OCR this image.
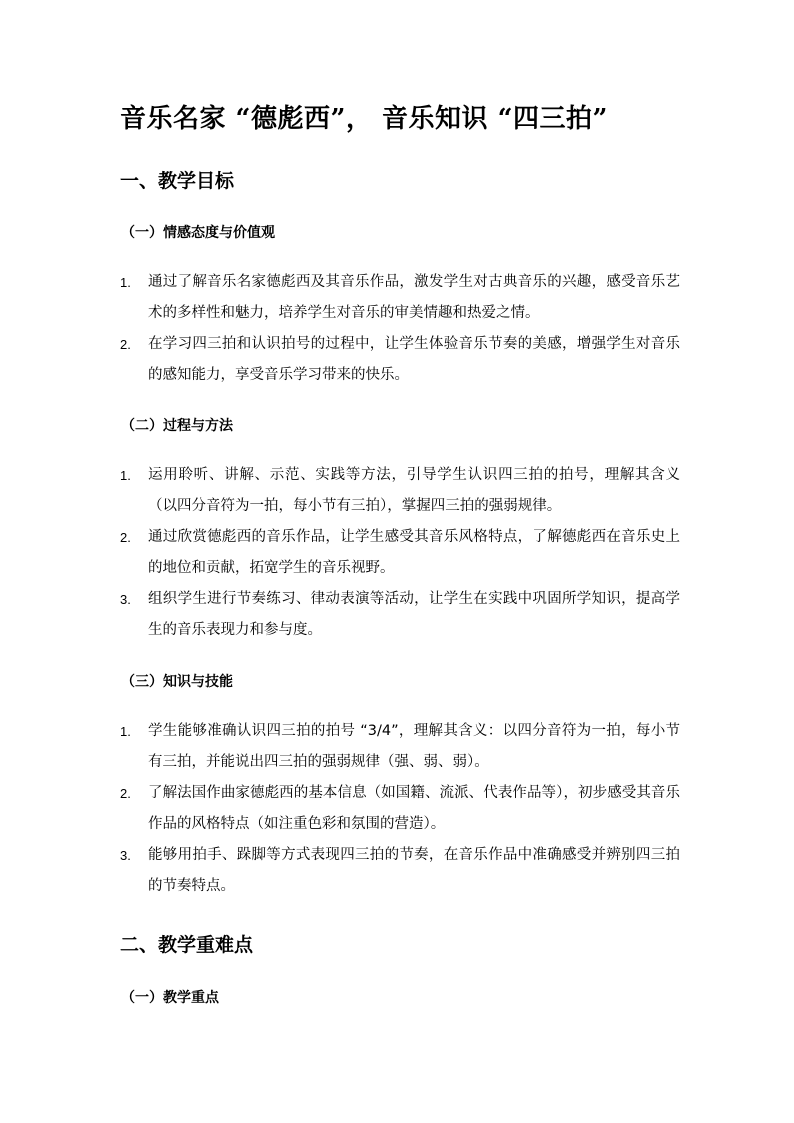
音乐名家 “德彪西”， 音乐知识 “四三拍”
一、教学目标
（一）情感态度与价值观
1. 通过了解音乐名家德彪西及其音乐作品，激发学生对古典音乐的兴趣，感受音乐艺术的多样性和魅力，培养学生对音乐的审美情趣和热爱之情。
2. 在学习四三拍和认识拍号的过程中，让学生体验音乐节奏的美感，增强学生对音乐的感知能力，享受音乐学习带来的快乐。
（二）过程与方法
1. 运用聆听、讲解、示范、实践等方法，引导学生认识四三拍的拍号，理解其含义（以四分音符为一拍，每小节有三拍），掌握四三拍的强弱规律。
2. 通过欣赏德彪西的音乐作品，让学生感受其音乐风格特点，了解德彪西在音乐史上的地位和贡献，拓宽学生的音乐视野。
3. 组织学生进行节奏练习、律动表演等活动，让学生在实践中巩固所学知识，提高学生的音乐表现力和参与度。
（三）知识与技能
1. 学生能够准确认识四三拍的拍号 “3/4”，理解其含义：以四分音符为一拍，每小节有三拍，并能说出四三拍的强弱规律（强、弱、弱）。
2. 了解法国作曲家德彪西的基本信息（如国籍、流派、代表作品等），初步感受其音乐作品的风格特点（如注重色彩和氛围的营造）。
3. 能够用拍手、跺脚等方式表现四三拍的节奏，在音乐作品中准确感受并辨别四三拍的节奏特点。
二、教学重难点
（一）教学重点
